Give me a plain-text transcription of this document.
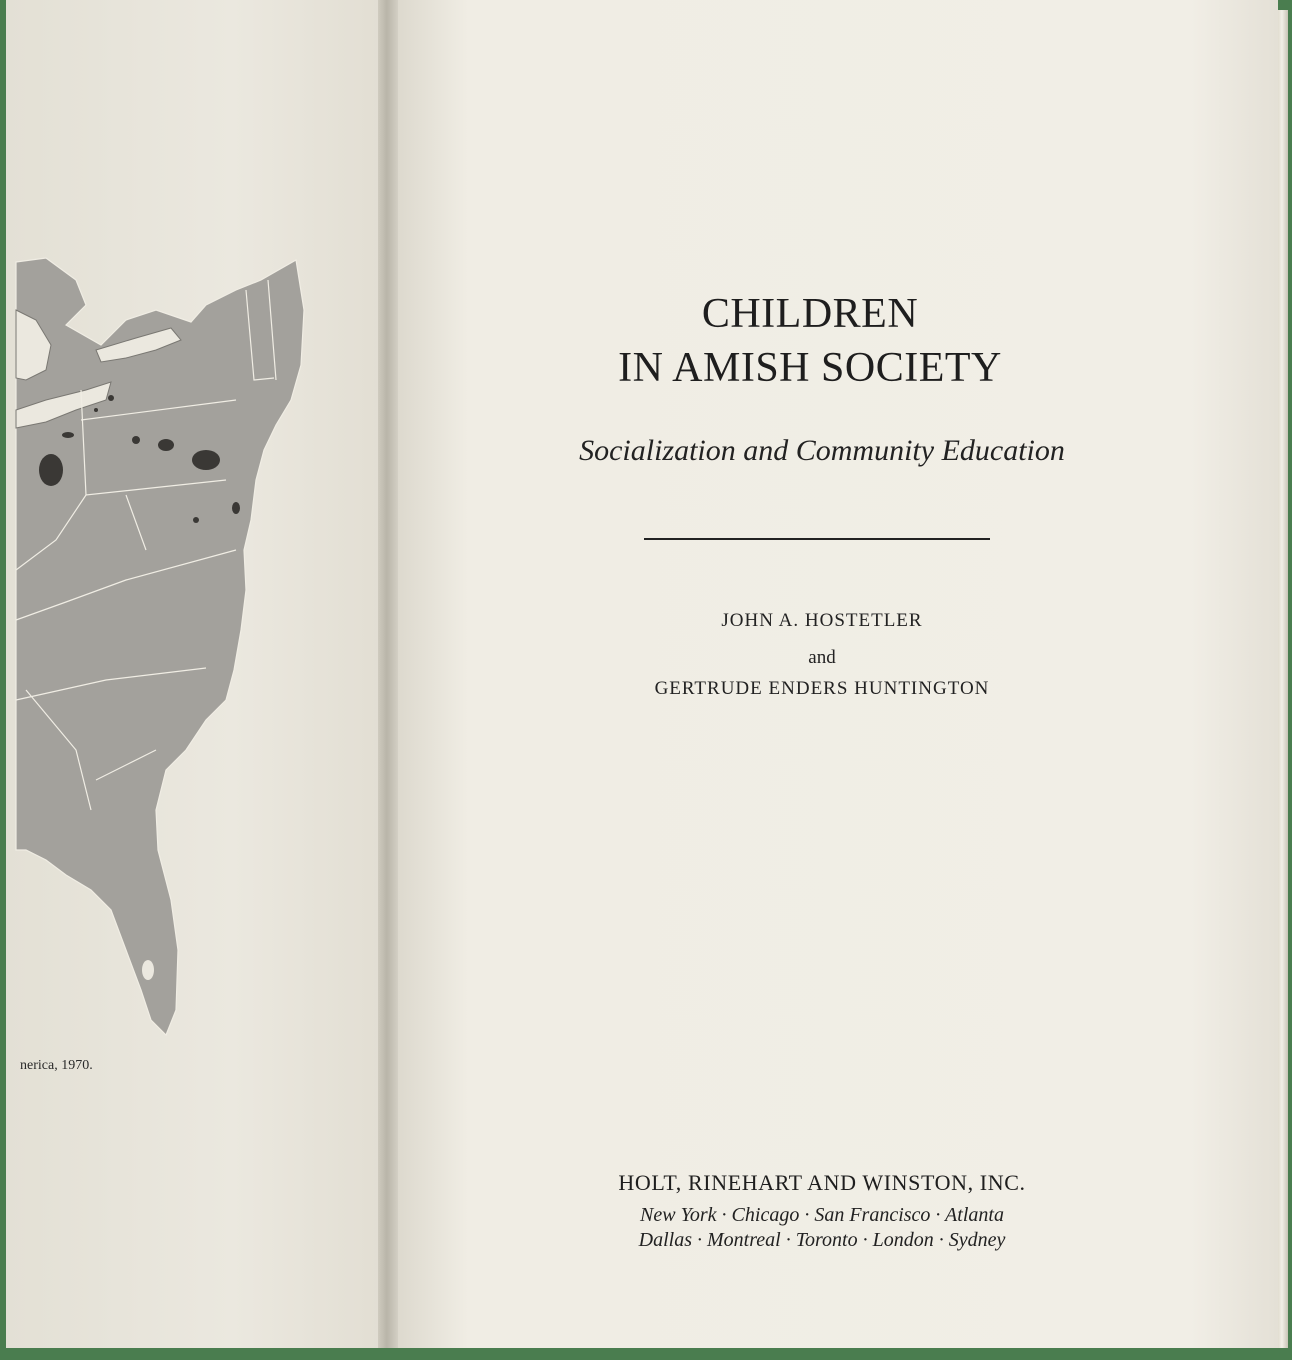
nerica, 1970.
CHILDREN
IN AMISH SOCIETY
Socialization and Community Education
JOHN A. HOSTETLER
and
GERTRUDE ENDERS HUNTINGTON
HOLT, RINEHART AND WINSTON, INC.
New York · Chicago · San Francisco · Atlanta
Dallas · Montreal · Toronto · London · Sydney
